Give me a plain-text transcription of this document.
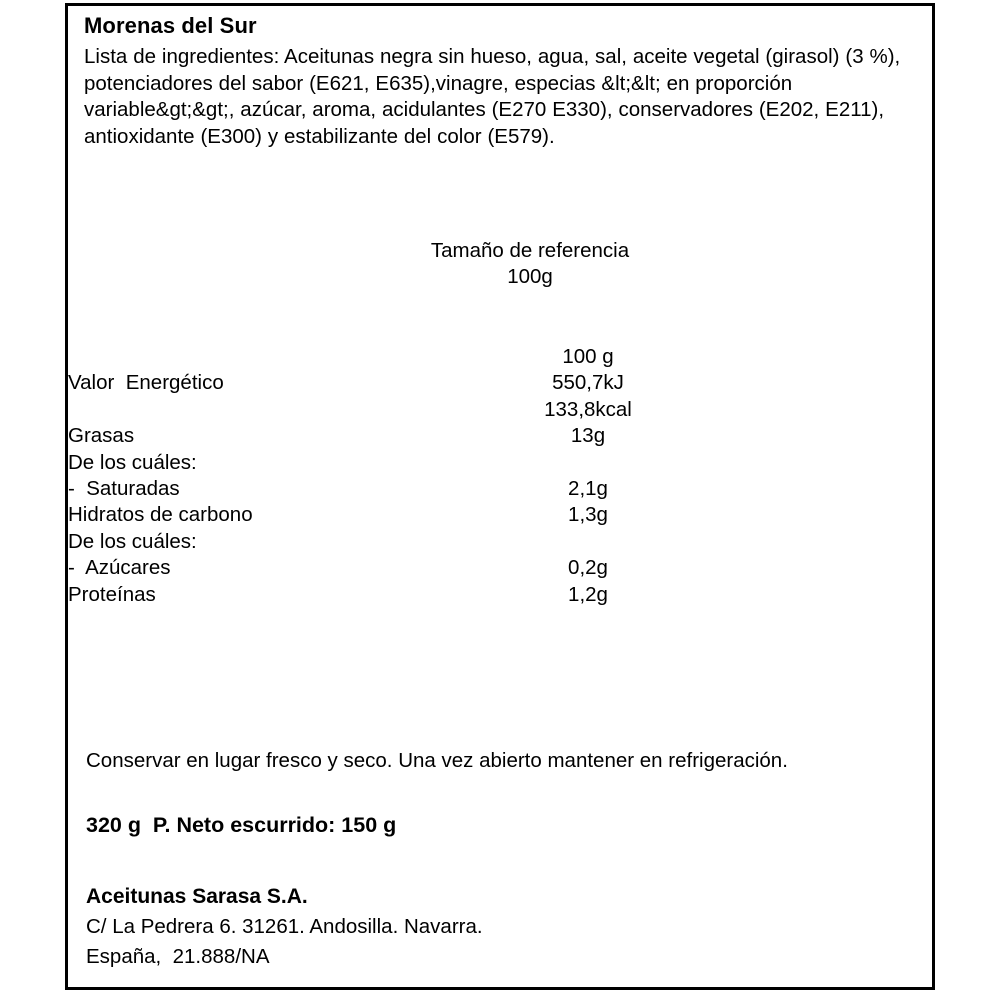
Morenas del Sur
Lista de ingredientes: Aceitunas negra sin hueso, agua, sal, aceite vegetal (girasol) (3 %), potenciadores del sabor (E621, E635),vinagre, especias &lt;&lt; en proporción variable&gt;&gt;, azúcar, aroma, acidulantes (E270 E330), conservadores (E202, E211), antioxidante (E300) y estabilizante del color (E579).
Tamaño de referencia
100g
	100 g	
Valor  Energético	550,7kJ	
	133,8kcal	
Grasas	13g	
De los cuáles:		
-  Saturadas	2,1g	
Hidratos de carbono	1,3g	
De los cuáles:		
-  Azúcares	0,2g	
Proteínas	1,2g	
Conservar en lugar fresco y seco. Una vez abierto mantener en refrigeración.
320 g  P. Neto escurrido: 150 g
Aceitunas Sarasa S.A.
C/ La Pedrera 6. 31261. Andosilla. Navarra.
España,  21.888/NA
